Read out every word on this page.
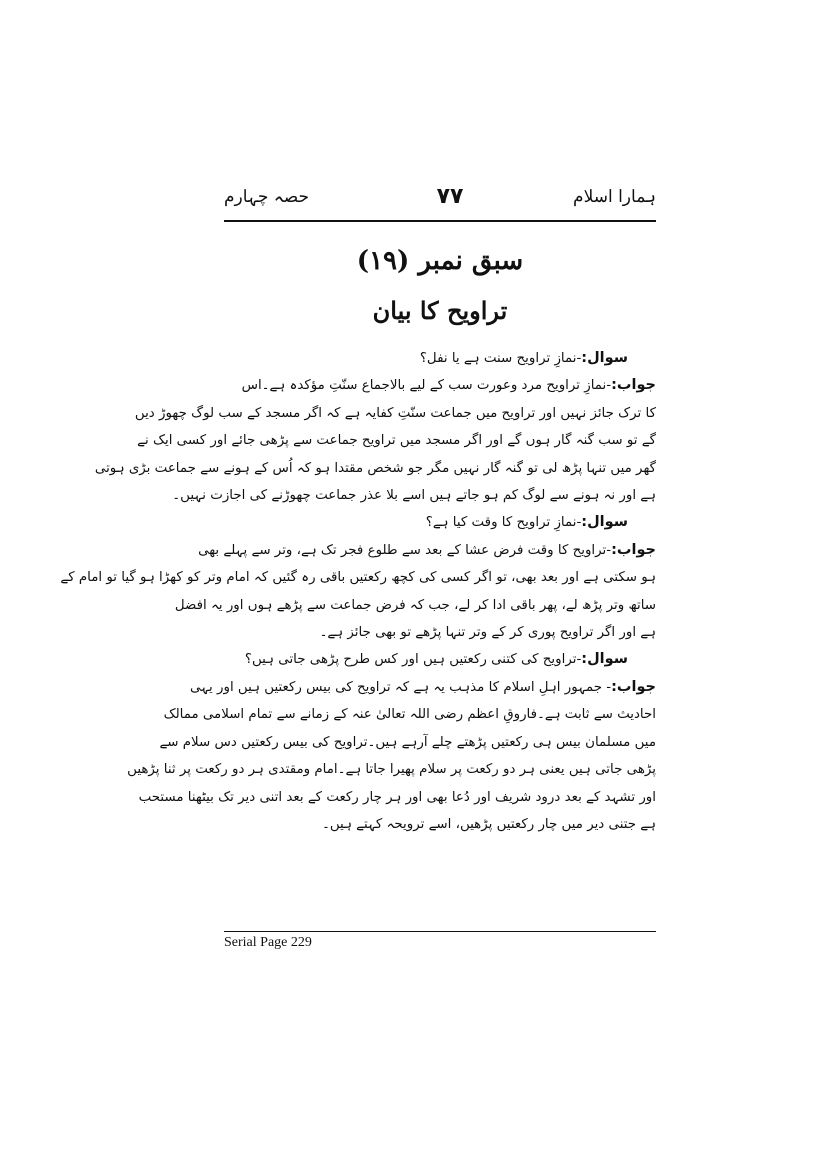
حصہ چہارم	۷۷	ہمارا اسلام
سبق نمبر (۱۹)
تراویح کا بیان
سوال:-نمازِ تراویح سنت ہے یا نفل؟
جواب:-نمازِ تراویح مرد وعورت سب کے لیے بالاجماع سنّتِ مؤکدہ ہے۔اس
کا ترک جائز نہیں اور تراویح میں جماعت سنّتِ کفایہ ہے کہ اگر مسجد کے سب لوگ چھوڑ دیں
گے تو سب گنہ گار ہوں گے اور اگر مسجد میں تراویح جماعت سے پڑھی جائے اور کسی ایک نے
گھر میں تنہا پڑھ لی تو گنہ گار نہیں مگر جو شخص مقتدا ہو کہ اُس کے ہونے سے جماعت بڑی ہوتی
ہے اور نہ ہونے سے لوگ کم ہو جاتے ہیں اسے بلا عذر جماعت چھوڑنے کی اجازت نہیں۔
سوال:-نمازِ تراویح کا وقت کیا ہے؟
جواب:-تراویح کا وقت فرض عشا کے بعد سے طلوع فجر تک ہے، وتر سے پہلے بھی
ہو سکتی ہے اور بعد بھی، تو اگر کسی کی کچھ رکعتیں باقی رہ گئیں کہ امام وتر کو کھڑا ہو گیا تو امام کے
ساتھ وتر پڑھ لے، پھر باقی ادا کر لے، جب کہ فرض جماعت سے پڑھے ہوں اور یہ افضل
ہے اور اگر تراویح پوری کر کے وتر تنہا پڑھے تو بھی جائز ہے۔
سوال:-تراویح کی کتنی رکعتیں ہیں اور کس طرح پڑھی جاتی ہیں؟
جواب:- جمہور اہلِ اسلام کا مذہب یہ ہے کہ تراویح کی بیس رکعتیں ہیں اور یہی
احادیث سے ثابت ہے۔فاروقِ اعظم رضی اللہ تعالیٰ عنہ کے زمانے سے تمام اسلامی ممالک
میں مسلمان بیس ہی رکعتیں پڑھتے چلے آرہے ہیں۔تراویح کی بیس رکعتیں دس سلام سے
پڑھی جاتی ہیں یعنی ہر دو رکعت پر سلام پھیرا جاتا ہے۔امام ومقتدی ہر دو رکعت پر ثنا پڑھیں
اور تشہد کے بعد درود شریف اور دُعا بھی اور ہر چار رکعت کے بعد اتنی دیر تک بیٹھنا مستحب
ہے جتنی دیر میں چار رکعتیں پڑھیں، اسے ترویحہ کہتے ہیں۔
Serial Page 229
